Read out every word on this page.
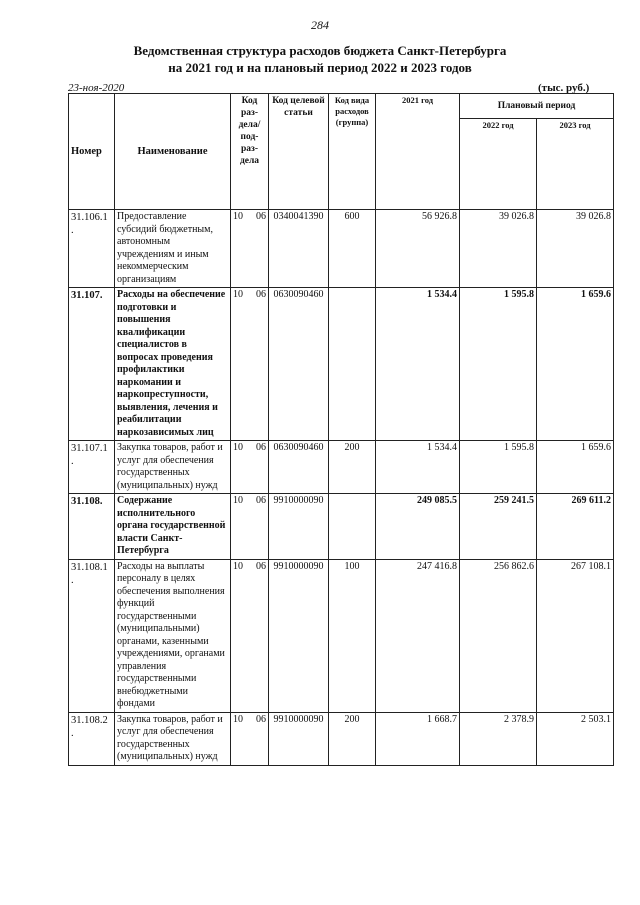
284
Ведомственная структура расходов бюджета Санкт-Петербурга
на 2021 год и на плановый период 2022 и 2023 годов
23-ноя-2020	(тыс. руб.)
Номер	Наименование	Код раз-дела/ под-раз-дела	Код целевой статьи	Код вида расходов (группа)	2021 год	Плановый период	
						2022 год	2023 год
31.106.1 .	Предоставление субсидий бюджетным, автономным учреждениям и иным некоммерческим организациям	10 06	0340041390	600	56 926.8	39 026.8	39 026.8
31.107.	Расходы на обеспечение подготовки и повышения квалификации специалистов в вопросах проведения профилактики наркомании и наркопреступности, выявления, лечения и реабилитации наркозависимых лиц	10 06	0630090460		1 534.4	1 595.8	1 659.6
31.107.1 .	Закупка товаров, работ и услуг для обеспечения государственных (муниципальных) нужд	10 06	0630090460	200	1 534.4	1 595.8	1 659.6
31.108.	Содержание исполнительного органа государственной власти Санкт-Петербурга	10 06	9910000090		249 085.5	259 241.5	269 611.2
31.108.1 .	Расходы на выплаты персоналу в целях обеспечения выполнения функций государственными (муниципальными) органами, казенными учреждениями, органами управления государственными внебюджетными фондами	10 06	9910000090	100	247 416.8	256 862.6	267 108.1
31.108.2 .	Закупка товаров, работ и услуг для обеспечения государственных (муниципальных) нужд	10 06	9910000090	200	1 668.7	2 378.9	2 503.1
